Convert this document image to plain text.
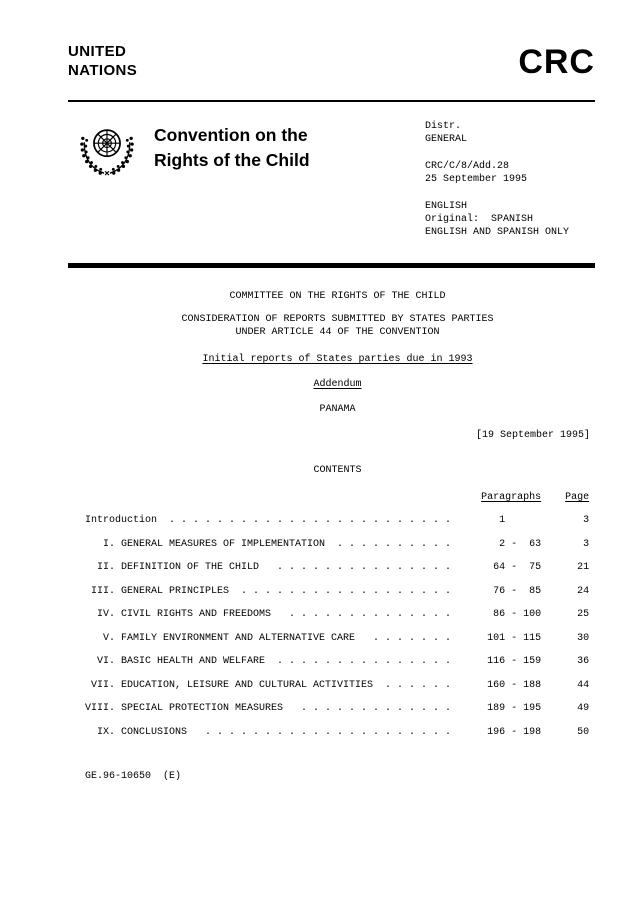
UNITED
NATIONS	CRC
Convention on the
Rights of the Child
Distr.
GENERAL
CRC/C/8/Add.28
25 September 1995
ENGLISH
Original:  SPANISH
ENGLISH AND SPANISH ONLY
COMMITTEE ON THE RIGHTS OF THE CHILD
CONSIDERATION OF REPORTS SUBMITTED BY STATES PARTIES
UNDER ARTICLE 44 OF THE CONVENTION
Initial reports of States parties due in 1993
Addendum
PANAMA
[19 September 1995]
CONTENTS
Paragraphs Page
Introduction  . . . . . . . . . . . . . . . . . . . . . . . .        1             3
I. GENERAL MEASURES OF IMPLEMENTATION  . . . . . . . . . .        2 -  63       3
II. DEFINITION OF THE CHILD   . . . . . . . . . . . . . . .       64 -  75      21
III. GENERAL PRINCIPLES  . . . . . . . . . . . . . . . . . .       76 -  85      24
IV. CIVIL RIGHTS AND FREEDOMS   . . . . . . . . . . . . . .       86 - 100      25
V. FAMILY ENVIRONMENT AND ALTERNATIVE CARE   . . . . . . .      101 - 115      30
VI. BASIC HEALTH AND WELFARE  . . . . . . . . . . . . . . .      116 - 159      36
VII. EDUCATION, LEISURE AND CULTURAL ACTIVITIES  . . . . . .      160 - 188      44
VIII. SPECIAL PROTECTION MEASURES   . . . . . . . . . . . . .      189 - 195      49
IX. CONCLUSIONS   . . . . . . . . . . . . . . . . . . . . .      196 - 198      50
GE.96-10650  (E)
